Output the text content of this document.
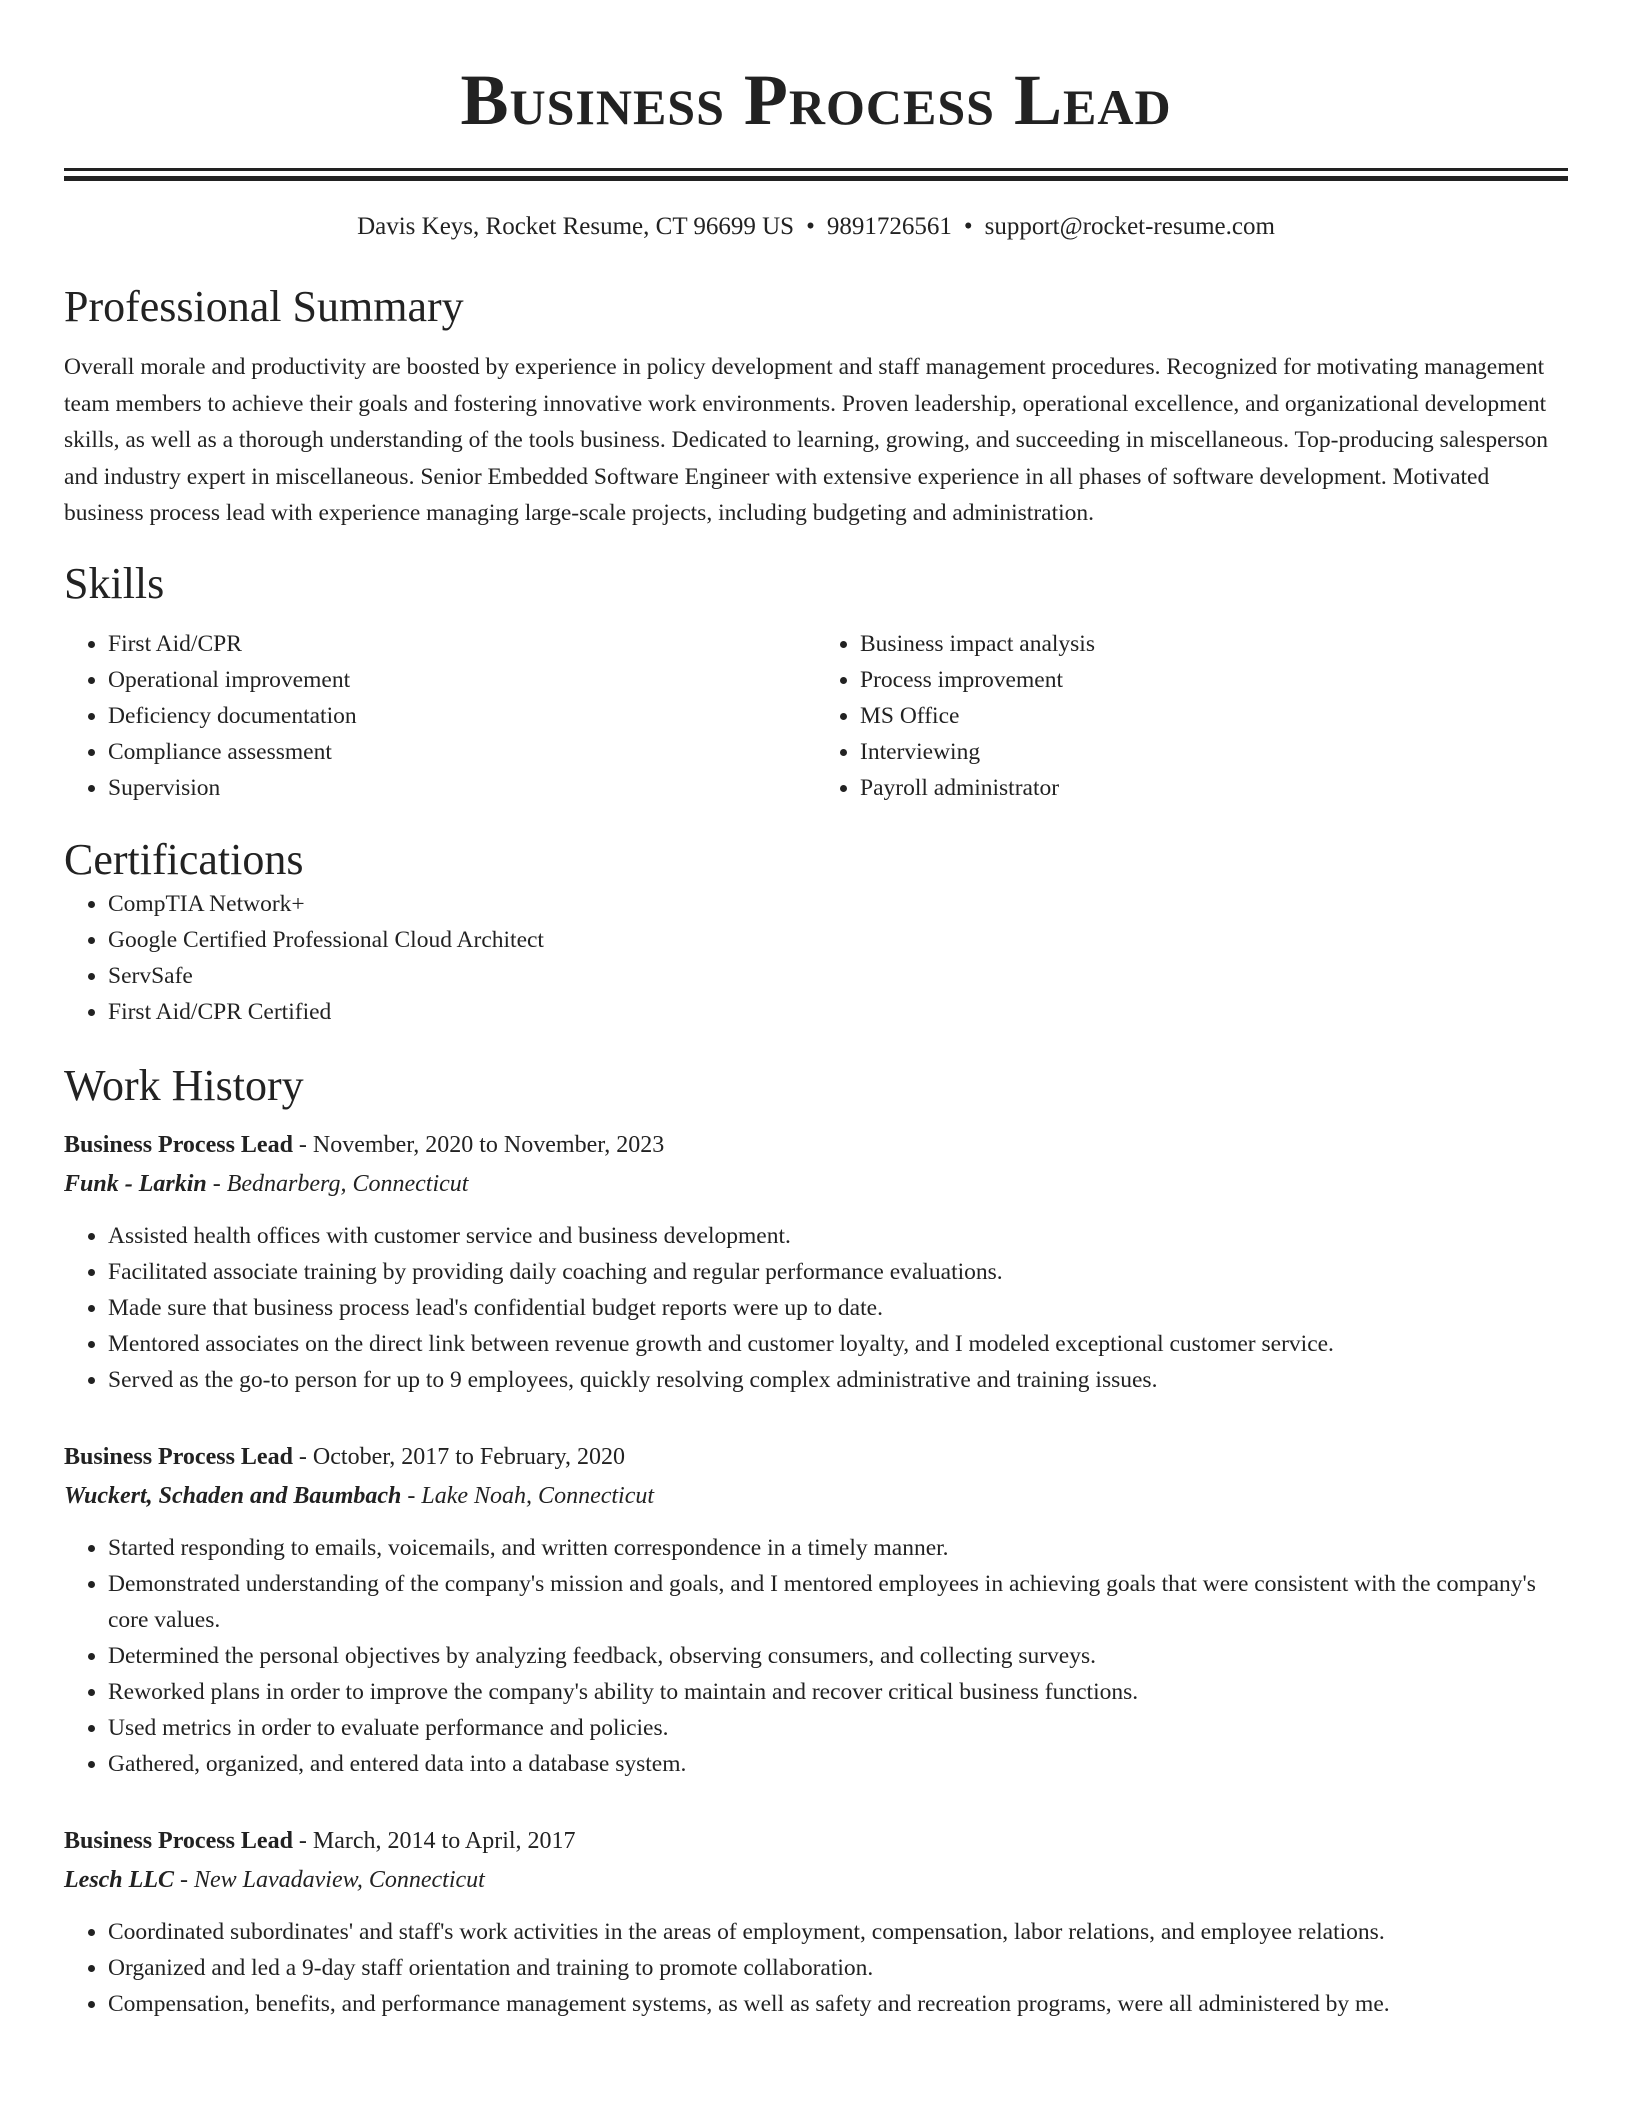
Business Process Lead
Davis Keys, Rocket Resume, CT 96699 US • 9891726561 • support@rocket-resume.com
Professional Summary

Overall morale and productivity are boosted by experience in policy development and staff management procedures. Recognized for motivating management team members to achieve their goals and fostering innovative work environments. Proven leadership, operational excellence, and organizational development skills, as well as a thorough understanding of the tools business. Dedicated to learning, growing, and succeeding in miscellaneous. Top-producing salesperson and industry expert in miscellaneous. Senior Embedded Software Engineer with extensive experience in all phases of software development. Motivated business process lead with experience managing large-scale projects, including budgeting and administration.

Skills
• First Aid/CPR
• Operational improvement
• Deficiency documentation
• Compliance assessment
• Supervision
• Business impact analysis
• Process improvement
• MS Office
• Interviewing
• Payroll administrator
Certifications
• CompTIA Network+
• Google Certified Professional Cloud Architect
• ServSafe
• First Aid/CPR Certified
Work History
Business Process Lead - November, 2020 to November, 2023
Funk - Larkin - Bednarberg, Connecticut
• Assisted health offices with customer service and business development.
• Facilitated associate training by providing daily coaching and regular performance evaluations.
• Made sure that business process lead's confidential budget reports were up to date.
• Mentored associates on the direct link between revenue growth and customer loyalty, and I modeled exceptional customer service.
• Served as the go-to person for up to 9 employees, quickly resolving complex administrative and training issues.
Business Process Lead - October, 2017 to February, 2020
Wuckert, Schaden and Baumbach - Lake Noah, Connecticut
• Started responding to emails, voicemails, and written correspondence in a timely manner.
• Demonstrated understanding of the company's mission and goals, and I mentored employees in achieving goals that were consistent with the company's core values.
• Determined the personal objectives by analyzing feedback, observing consumers, and collecting surveys.
• Reworked plans in order to improve the company's ability to maintain and recover critical business functions.
• Used metrics in order to evaluate performance and policies.
• Gathered, organized, and entered data into a database system.
Business Process Lead - March, 2014 to April, 2017
Lesch LLC - New Lavadaview, Connecticut
• Coordinated subordinates' and staff's work activities in the areas of employment, compensation, labor relations, and employee relations.
• Organized and led a 9-day staff orientation and training to promote collaboration.
• Compensation, benefits, and performance management systems, as well as safety and recreation programs, were all administered by me.
